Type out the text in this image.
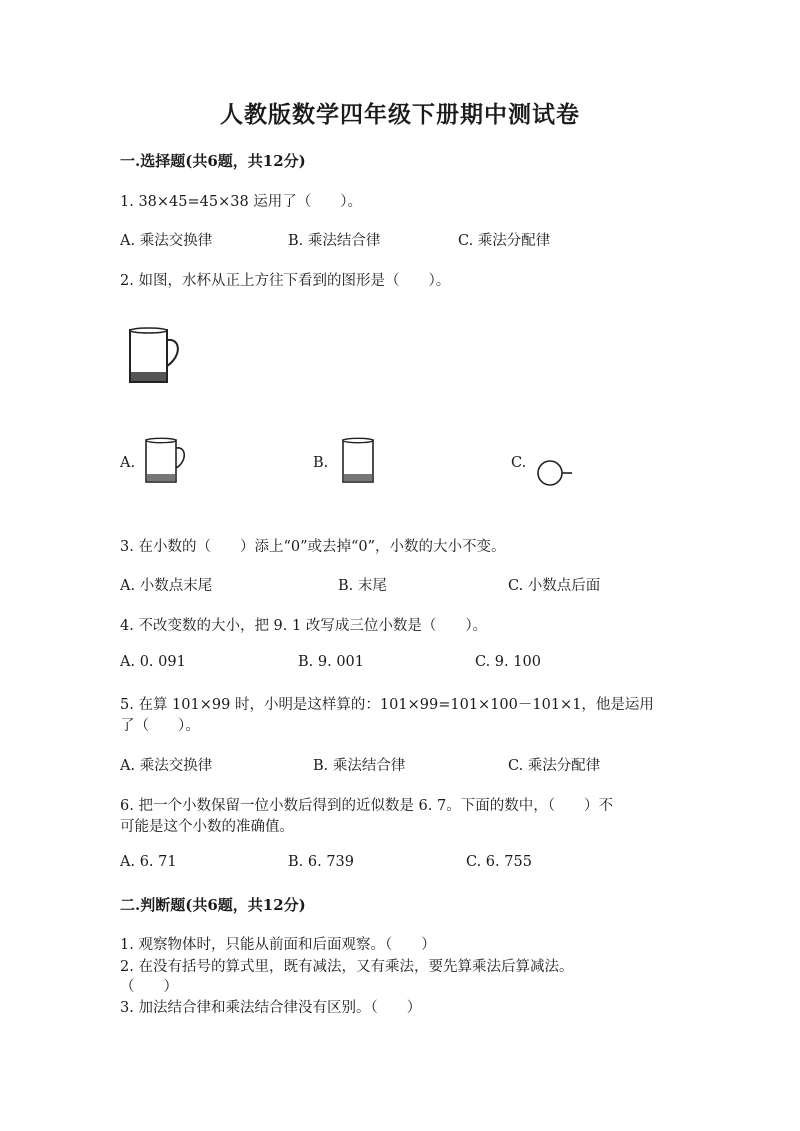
人教版数学四年级下册期中测试卷
一.选择题(共6题，共12分)
1. 38×45=45×38 运用了（　　）。
A. 乘法交换律	B. 乘法结合律	C. 乘法分配律
2. 如图，水杯从正上方往下看到的图形是（　　）。
A.	B.	C.
3. 在小数的（　　）添上“0”或去掉“0”，小数的大小不变。
A. 小数点末尾	B. 末尾	C. 小数点后面
4. 不改变数的大小，把 9. 1 改写成三位小数是（　　）。
A. 0. 091	B. 9. 001	C. 9. 100
5. 在算 101×99 时，小明是这样算的：101×99=101×100－101×1，他是运用
了（　　）。
A. 乘法交换律	B. 乘法结合律	C. 乘法分配律
6. 把一个小数保留一位小数后得到的近似数是 6. 7。下面的数中，（　　）不
可能是这个小数的准确值。
A. 6. 71	B. 6. 739	C. 6. 755
二.判断题(共6题，共12分)
1. 观察物体时，只能从前面和后面观察。（　　）
2. 在没有括号的算式里，既有减法，又有乘法，要先算乘法后算减法。
（　　）
3. 加法结合律和乘法结合律没有区别。（　　）
